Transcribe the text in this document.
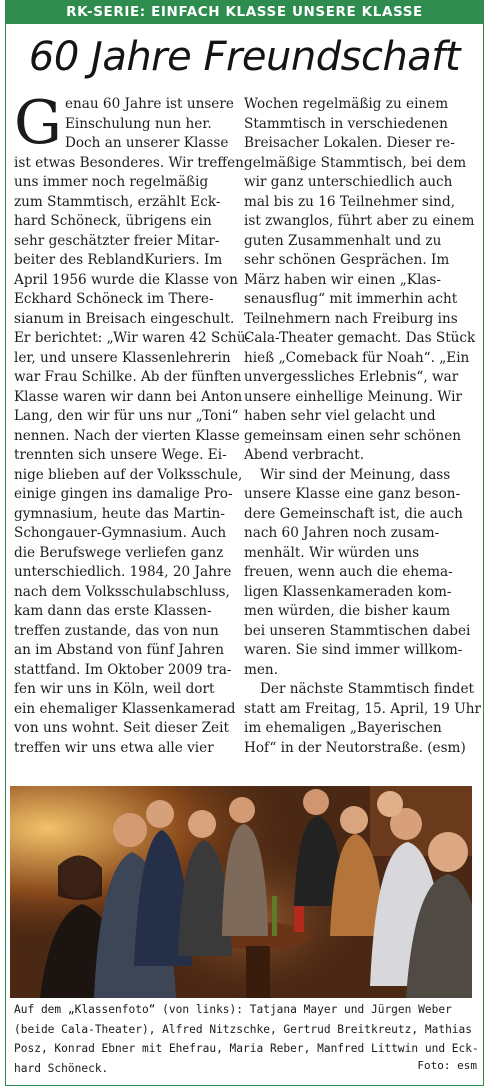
RK-SERIE: EINFACH KLASSE UNSERE KLASSE
60 Jahre Freundschaft
G enau 60 Jahre ist unsere
Einschulung nun her.
Doch an unserer Klasse
ist etwas Besonderes. Wir treffen
uns immer noch regelmäßig
zum Stammtisch, erzählt Eck-
hard Schöneck, übrigens ein
sehr geschätzter freier Mitar-
beiter des ReblandKuriers. Im
April 1956 wurde die Klasse von
Eckhard Schöneck im There-
sianum in Breisach eingeschult.
Er berichtet: „Wir waren 42 Schü-
ler, und unsere Klassenlehrerin
war Frau Schilke. Ab der fünften
Klasse waren wir dann bei Anton
Lang, den wir für uns nur „Toni“
nennen. Nach der vierten Klasse
trennten sich unsere Wege. Ei-
nige blieben auf der Volksschule,
einige gingen ins damalige Pro-
gymnasium, heute das Martin-
Schongauer-Gymnasium. Auch
die Berufswege verliefen ganz
unterschiedlich. 1984, 20 Jahre
nach dem Volksschulabschluss,
kam dann das erste Klassen-
treffen zustande, das von nun
an im Abstand von fünf Jahren
stattfand. Im Oktober 2009 tra-
fen wir uns in Köln, weil dort
ein ehemaliger Klassenkamerad
von uns wohnt. Seit dieser Zeit
treffen wir uns etwa alle vier
Wochen regelmäßig zu einem
Stammtisch in verschiedenen
Breisacher Lokalen. Dieser re-
gelmäßige Stammtisch, bei dem
wir ganz unterschiedlich auch
mal bis zu 16 Teilnehmer sind,
ist zwanglos, führt aber zu einem
guten Zusammenhalt und zu
sehr schönen Gesprächen. Im
März haben wir einen „Klas-
senausflug“ mit immerhin acht
Teilnehmern nach Freiburg ins
Cala-Theater gemacht. Das Stück
hieß „Comeback für Noah“. „Ein
unvergessliches Erlebnis“, war
unsere einhellige Meinung. Wir
haben sehr viel gelacht und
gemeinsam einen sehr schönen
Abend verbracht.
Wir sind der Meinung, dass
unsere Klasse eine ganz beson-
dere Gemeinschaft ist, die auch
nach 60 Jahren noch zusam-
menhält. Wir würden uns
freuen, wenn auch die ehema-
ligen Klassenkameraden kom-
men würden, die bisher kaum
bei unseren Stammtischen dabei
waren. Sie sind immer willkom-
men.
Der nächste Stammtisch findet
statt am Freitag, 15. April, 19 Uhr
im ehemaligen „Bayerischen
Hof“ in der Neutorstraße. (esm)
Auf dem „Klassenfoto“ (von links): Tatjana Mayer und Jürgen Weber
(beide Cala-Theater), Alfred Nitzschke, Gertrud Breitkreutz, Mathias
Posz, Konrad Ebner mit Ehefrau, Maria Reber, Manfred Littwin und Eck-
hard Schöneck.	Foto: esm
